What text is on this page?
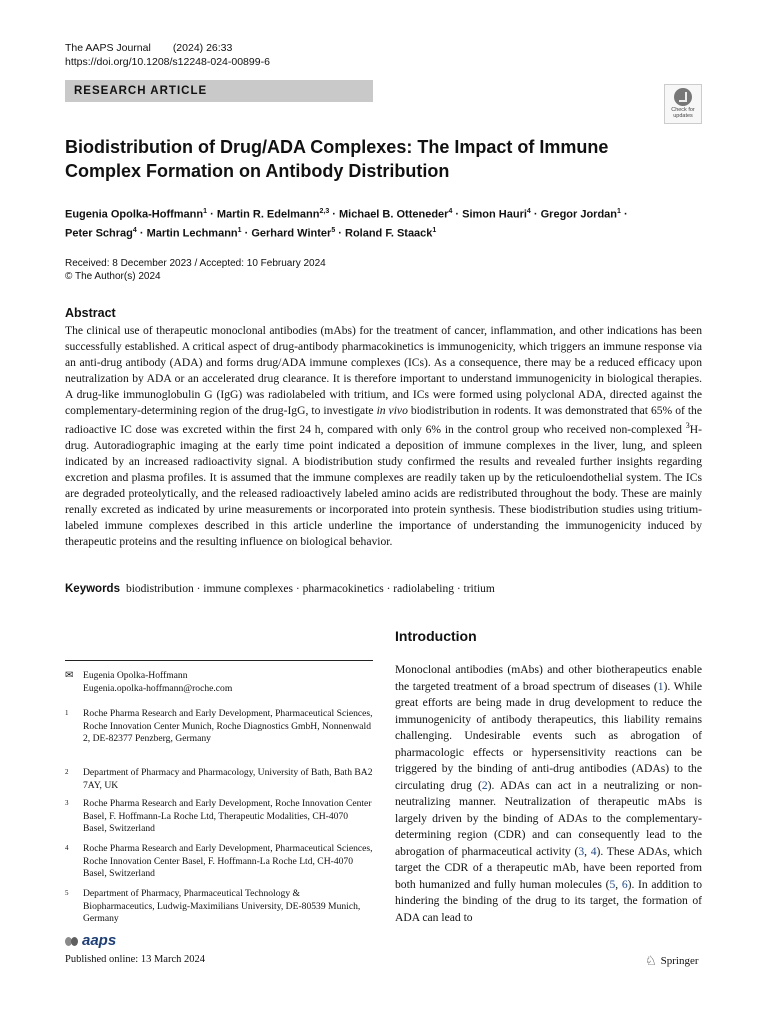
The AAPS Journal (2024) 26:33
https://doi.org/10.1208/s12248-024-00899-6
RESEARCH ARTICLE
Check for
updates
Biodistribution of Drug/ADA Complexes: The Impact of Immune Complex Formation on Antibody Distribution
Eugenia Opolka-Hoffmann$^1$ · Martin R. Edelmann$^{2,3}$ · Michael B. Otteneder$^4$ · Simon Hauri$^4$ · Gregor Jordan$^1$ ·
Peter Schrag$^4$ · Martin Lechmann$^1$ · Gerhard Winter$^5$ · Roland F. Staack$^1$
Received: 8 December 2023 / Accepted: 10 February 2024
© The Author(s) 2024
Abstract

The clinical use of therapeutic monoclonal antibodies (mAbs) for the treatment of cancer, inflammation, and other indications has been successfully established. A critical aspect of drug-antibody pharmacokinetics is immunogenicity, which triggers an immune response via an anti-drug antibody (ADA) and forms drug/ADA immune complexes (ICs). As a consequence, there may be a reduced efficacy upon neutralization by ADA or an accelerated drug clearance. It is therefore important to understand immunogenicity in biological therapies. A drug-like immunoglobulin G (IgG) was radiolabeled with tritium, and ICs were formed using polyclonal ADA, directed against the complementary-determining region of the drug-IgG, to investigate in vivo biodistribution in rodents. It was demonstrated that 65% of the radioactive IC dose was excreted within the first 24 h, compared with only 6% in the control group who received non-complexed $^3$H-drug. Autoradiographic imaging at the early time point indicated a deposition of immune complexes in the liver, lung, and spleen indicated by an increased radioactivity signal. A biodistribution study confirmed the results and revealed further insights regarding excretion and plasma profiles. It is assumed that the immune complexes are readily taken up by the reticuloendothelial system. The ICs are degraded proteolytically, and the released radioactively labeled amino acids are redistributed throughout the body. These are mainly renally excreted as indicated by urine measurements or incorporated into protein synthesis. These biodistribution studies using tritium-labeled immune complexes described in this article underline the importance of understanding the immunogenicity induced by therapeutic proteins and the resulting influence on biological behavior.

Keywords biodistribution · immune complexes · pharmacokinetics · radiolabeling · tritium
Introduction
Monoclonal antibodies (mAbs) and other biotherapeutics enable the targeted treatment of a broad spectrum of diseases (1). While great efforts are being made in drug development to reduce the immunogenicity of antibody therapeutics, this liability remains challenging. Undesirable events such as abrogation of pharmacologic effects or hypersensitivity reactions can be triggered by the binding of anti-drug antibodies (ADAs) to the circulating drug (2). ADAs can act in a neutralizing or non-neutralizing manner. Neutralization of therapeutic mAbs is largely driven by the binding of ADAs to the complementary-determining region (CDR) and can consequently lead to the abrogation of pharmaceutical activity (3, 4). These ADAs, which target the CDR of a therapeutic mAb, have been reported from both humanized and fully human molecules (5, 6). In addition to hindering the binding of the drug to its target, the formation of ADA can lead to
✉ Eugenia Opolka-Hoffmann
Eugenia.opolka-hoffmann@roche.com
1 Roche Pharma Research and Early Development, Pharmaceutical Sciences, Roche Innovation Center Munich, Roche Diagnostics GmbH, Nonnenwald 2, DE-82377 Penzberg, Germany
2 Department of Pharmacy and Pharmacology, University of Bath, Bath BA2 7AY, UK
3 Roche Pharma Research and Early Development, Roche Innovation Center Basel, F. Hoffmann-La Roche Ltd, Therapeutic Modalities, CH-4070 Basel, Switzerland
4 Roche Pharma Research and Early Development, Pharmaceutical Sciences, Roche Innovation Center Basel, F. Hoffmann-La Roche Ltd, CH-4070 Basel, Switzerland
5 Department of Pharmacy, Pharmaceutical Technology & Biopharmaceutics, Ludwig-Maximilians University, DE-80539 Munich, Germany
aaps
Published online: 13 March 2024	♘ Springer
